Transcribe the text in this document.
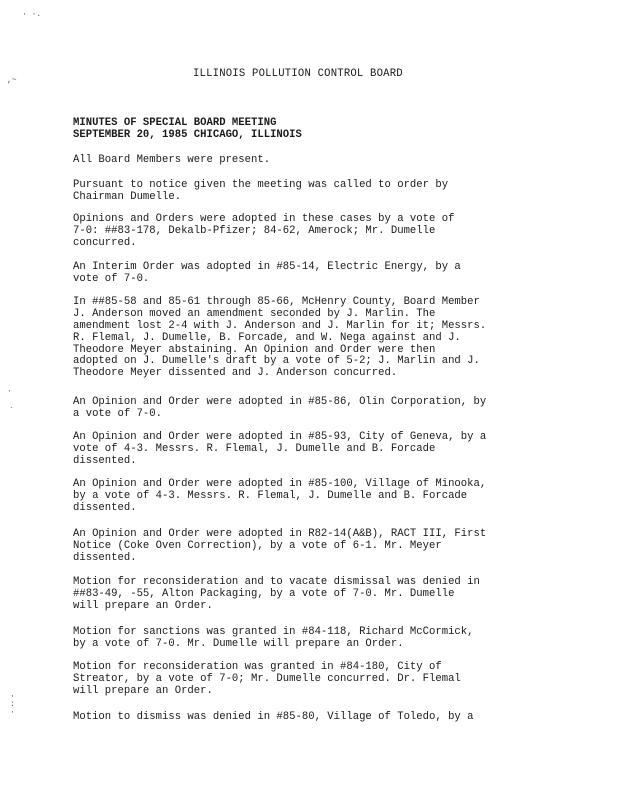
· ·.
,~
·
`
·
:
·
ILLINOIS POLLUTION CONTROL BOARD
MINUTES OF SPECIAL BOARD MEETING
SEPTEMBER 20, 1985 CHICAGO, ILLINOIS
All Board Members were present.
Pursuant to notice given the meeting was called to order by
Chairman Dumelle.
Opinions and Orders were adopted in these cases by a vote of
7-0: ##83-178, Dekalb-Pfizer; 84-62, Amerock; Mr. Dumelle
concurred.
An Interim Order was adopted in #85-14, Electric Energy, by a
vote of 7-0.
In ##85-58 and 85-61 through 85-66, McHenry County, Board Member
J. Anderson moved an amendment seconded by J. Marlin. The
amendment lost 2-4 with J. Anderson and J. Marlin for it; Messrs.
R. Flemal, J. Dumelle, B. Forcade, and W. Nega against and J.
Theodore Meyer abstaining. An Opinion and Order were then
adopted on J. Dumelle's draft by a vote of 5-2; J. Marlin and J.
Theodore Meyer dissented and J. Anderson concurred.
An Opinion and Order were adopted in #85-86, Olin Corporation, by
a vote of 7-0.
An Opinion and Order were adopted in #85-93, City of Geneva, by a
vote of 4-3. Messrs. R. Flemal, J. Dumelle and B. Forcade
dissented.
An Opinion and Order were adopted in #85-100, Village of Minooka,
by a vote of 4-3. Messrs. R. Flemal, J. Dumelle and B. Forcade
dissented.
An Opinion and Order were adopted in R82-14(A&B), RACT III, First
Notice (Coke Oven Correction), by a vote of 6-1. Mr. Meyer
dissented.
Motion for reconsideration and to vacate dismissal was denied in
##83-49, -55, Alton Packaging, by a vote of 7-0. Mr. Dumelle
will prepare an Order.
Motion for sanctions was granted in #84-118, Richard McCormick,
by a vote of 7-0. Mr. Dumelle will prepare an Order.
Motion for reconsideration was granted in #84-180, City of
Streator, by a vote of 7-0; Mr. Dumelle concurred. Dr. Flemal
will prepare an Order.
Motion to dismiss was denied in #85-80, Village of Toledo, by a
